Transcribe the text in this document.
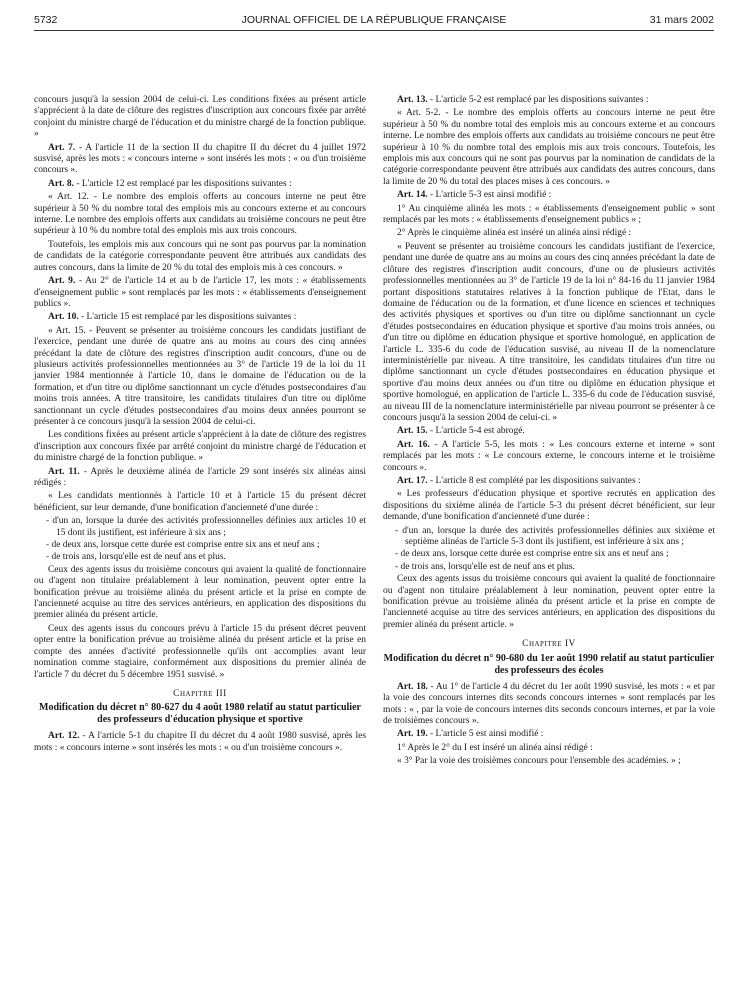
5732	JOURNAL OFFICIEL DE LA RÉPUBLIQUE FRANÇAISE	31 mars 2002

concours jusqu'à la session 2004 de celui-ci. Les conditions fixées au présent article s'apprécient à la date de clôture des registres d'inscription aux concours fixée par arrêté conjoint du ministre chargé de l'éducation et du ministre chargé de la fonction publique. »

Art. 7. - A l'article 11 de la section II du chapitre II du décret du 4 juillet 1972 susvisé, après les mots : « concours interne » sont insérés les mots : « ou d'un troisième concours ».

Art. 8. - L'article 12 est remplacé par les dispositions suivantes :

« Art. 12. - Le nombre des emplois offerts au concours interne ne peut être supérieur à 50 % du nombre total des emplois mis au concours externe et au concours interne. Le nombre des emplois offerts aux candidats au troisième concours ne peut être supérieur à 10 % du nombre total des emplois mis aux trois concours.

Toutefois, les emplois mis aux concours qui ne sont pas pourvus par la nomination de candidats de la catégorie correspondante peuvent être attribués aux candidats des autres concours, dans la limite de 20 % du total des emplois mis à ces concours. »

Art. 9. - Au 2° de l'article 14 et au b de l'article 17, les mots : « établissements d'enseignement public » sont remplacés par les mots : « établissements d'enseignement publics ».

Art. 10. - L'article 15 est remplacé par les dispositions suivantes :

« Art. 15. - Peuvent se présenter au troisième concours les candidats justifiant de l'exercice, pendant une durée de quatre ans au moins au cours des cinq années précédant la date de clôture des registres d'inscription audit concours, d'une ou de plusieurs activités professionnelles mentionnées au 3° de l'article 19 de la loi du 11 janvier 1984 mentionnée à l'article 10, dans le domaine de l'éducation ou de la formation, et d'un titre ou diplôme sanctionnant un cycle d'études postsecondaires d'au moins trois années. A titre transitoire, les candidats titulaires d'un titre ou diplôme sanctionnant un cycle d'études postsecondaires d'au moins deux années pourront se présenter à ce concours jusqu'à la session 2004 de celui-ci.

Les conditions fixées au présent article s'apprécient à la date de clôture des registres d'inscription aux concours fixée par arrêté conjoint du ministre chargé de l'éducation et du ministre chargé de la fonction publique. »

Art. 11. - Après le deuxième alinéa de l'article 29 sont insérés six alinéas ainsi rédigés :

« Les candidats mentionnés à l'article 10 et à l'article 15 du présent décret bénéficient, sur leur demande, d'une bonification d'ancienneté d'une durée :

- d'un an, lorsque la durée des activités professionnelles définies aux articles 10 et 15 dont ils justifient, est inférieure à six ans ;

- de deux ans, lorsque cette durée est comprise entre six ans et neuf ans ;

- de trois ans, lorsqu'elle est de neuf ans et plus.

Ceux des agents issus du troisième concours qui avaient la qualité de fonctionnaire ou d'agent non titulaire préalablement à leur nomination, peuvent opter entre la bonification prévue au troisième alinéa du présent article et la prise en compte de l'ancienneté acquise au titre des services antérieurs, en application des dispositions du premier alinéa du présent article.

Ceux des agents issus du concours prévu à l'article 15 du présent décret peuvent opter entre la bonification prévue au troisième alinéa du présent article et la prise en compte des années d'activité professionnelle qu'ils ont accomplies avant leur nomination comme stagiaire, conformément aux dispositions du premier alinéa de l'article 7 du décret du 5 décembre 1951 susvisé. »

Chapitre III
Modification du décret n° 80-627 du 4 août 1980 relatif au statut particulier des professeurs d'éducation physique et sportive

Art. 12. - A l'article 5-1 du chapitre II du décret du 4 août 1980 susvisé, après les mots : « concours interne » sont insérés les mots : « ou d'un troisième concours ».

Art. 13. - L'article 5-2 est remplacé par les dispositions suivantes :

« Art. 5-2. - Le nombre des emplois offerts au concours interne ne peut être supérieur à 50 % du nombre total des emplois mis au concours externe et au concours interne. Le nombre des emplois offerts aux candidats au troisième concours ne peut être supérieur à 10 % du nombre total des emplois mis aux trois concours. Toutefois, les emplois mis aux concours qui ne sont pas pourvus par la nomination de candidats de la catégorie correspondante peuvent être attribués aux candidats des autres concours, dans la limite de 20 % du total des places mises à ces concours. »

Art. 14. - L'article 5-3 est ainsi modifié :

1° Au cinquième alinéa les mots : « établissements d'enseignement public » sont remplacés par les mots : « établissements d'enseignement publics » ;

2° Après le cinquième alinéa est inséré un alinéa ainsi rédigé :

« Peuvent se présenter au troisième concours les candidats justifiant de l'exercice, pendant une durée de quatre ans au moins au cours des cinq années précédant la date de clôture des registres d'inscription audit concours, d'une ou de plusieurs activités professionnelles mentionnées au 3° de l'article 19 de la loi n° 84-16 du 11 janvier 1984 portant dispositions statutaires relatives à la fonction publique de l'Etat, dans le domaine de l'éducation ou de la formation, et d'une licence en sciences et techniques des activités physiques et sportives ou d'un titre ou diplôme sanctionnant un cycle d'études postsecondaires en éducation physique et sportive d'au moins trois années, ou d'un titre ou diplôme en éducation physique et sportive homologué, en application de l'article L. 335-6 du code de l'éducation susvisé, au niveau II de la nomenclature interministérielle par niveau. A titre transitoire, les candidats titulaires d'un titre ou diplôme sanctionnant un cycle d'études postsecondaires en éducation physique et sportive d'au moins deux années ou d'un titre ou diplôme en éducation physique et sportive homologué, en application de l'article L. 335-6 du code de l'éducation susvisé, au niveau III de la nomenclature interministérielle par niveau pourront se présenter à ce concours jusqu'à la session 2004 de celui-ci. »

Art. 15. - L'article 5-4 est abrogé.

Art. 16. - A l'article 5-5, les mots : « Les concours externe et interne » sont remplacés par les mots : « Le concours externe, le concours interne et le troisième concours ».

Art. 17. - L'article 8 est complété par les dispositions suivantes :

« Les professeurs d'éducation physique et sportive recrutés en application des dispositions du sixième alinéa de l'article 5-3 du présent décret bénéficient, sur leur demande, d'une bonification d'ancienneté d'une durée :

- d'un an, lorsque la durée des activités professionnelles définies aux sixième et septième alinéas de l'article 5-3 dont ils justifient, est inférieure à six ans ;

- de deux ans, lorsque cette durée est comprise entre six ans et neuf ans ;

- de trois ans, lorsqu'elle est de neuf ans et plus.

Ceux des agents issus du troisième concours qui avaient la qualité de fonctionnaire ou d'agent non titulaire préalablement à leur nomination, peuvent opter entre la bonification prévue au troisième alinéa du présent article et la prise en compte de l'ancienneté acquise au titre des services antérieurs, en application des dispositions du premier alinéa du présent article. »

Chapitre IV
Modification du décret n° 90-680 du 1er août 1990 relatif au statut particulier des professeurs des écoles

Art. 18. - Au 1° de l'article 4 du décret du 1er août 1990 susvisé, les mots : « et par la voie des concours internes dits seconds concours internes » sont remplacés par les mots : « , par la voie de concours internes dits seconds concours internes, et par la voie de troisièmes concours ».

Art. 19. - L'article 5 est ainsi modifié :

1° Après le 2° du I est inséré un alinéa ainsi rédigé :

« 3° Par la voie des troisièmes concours pour l'ensemble des académies. » ;
